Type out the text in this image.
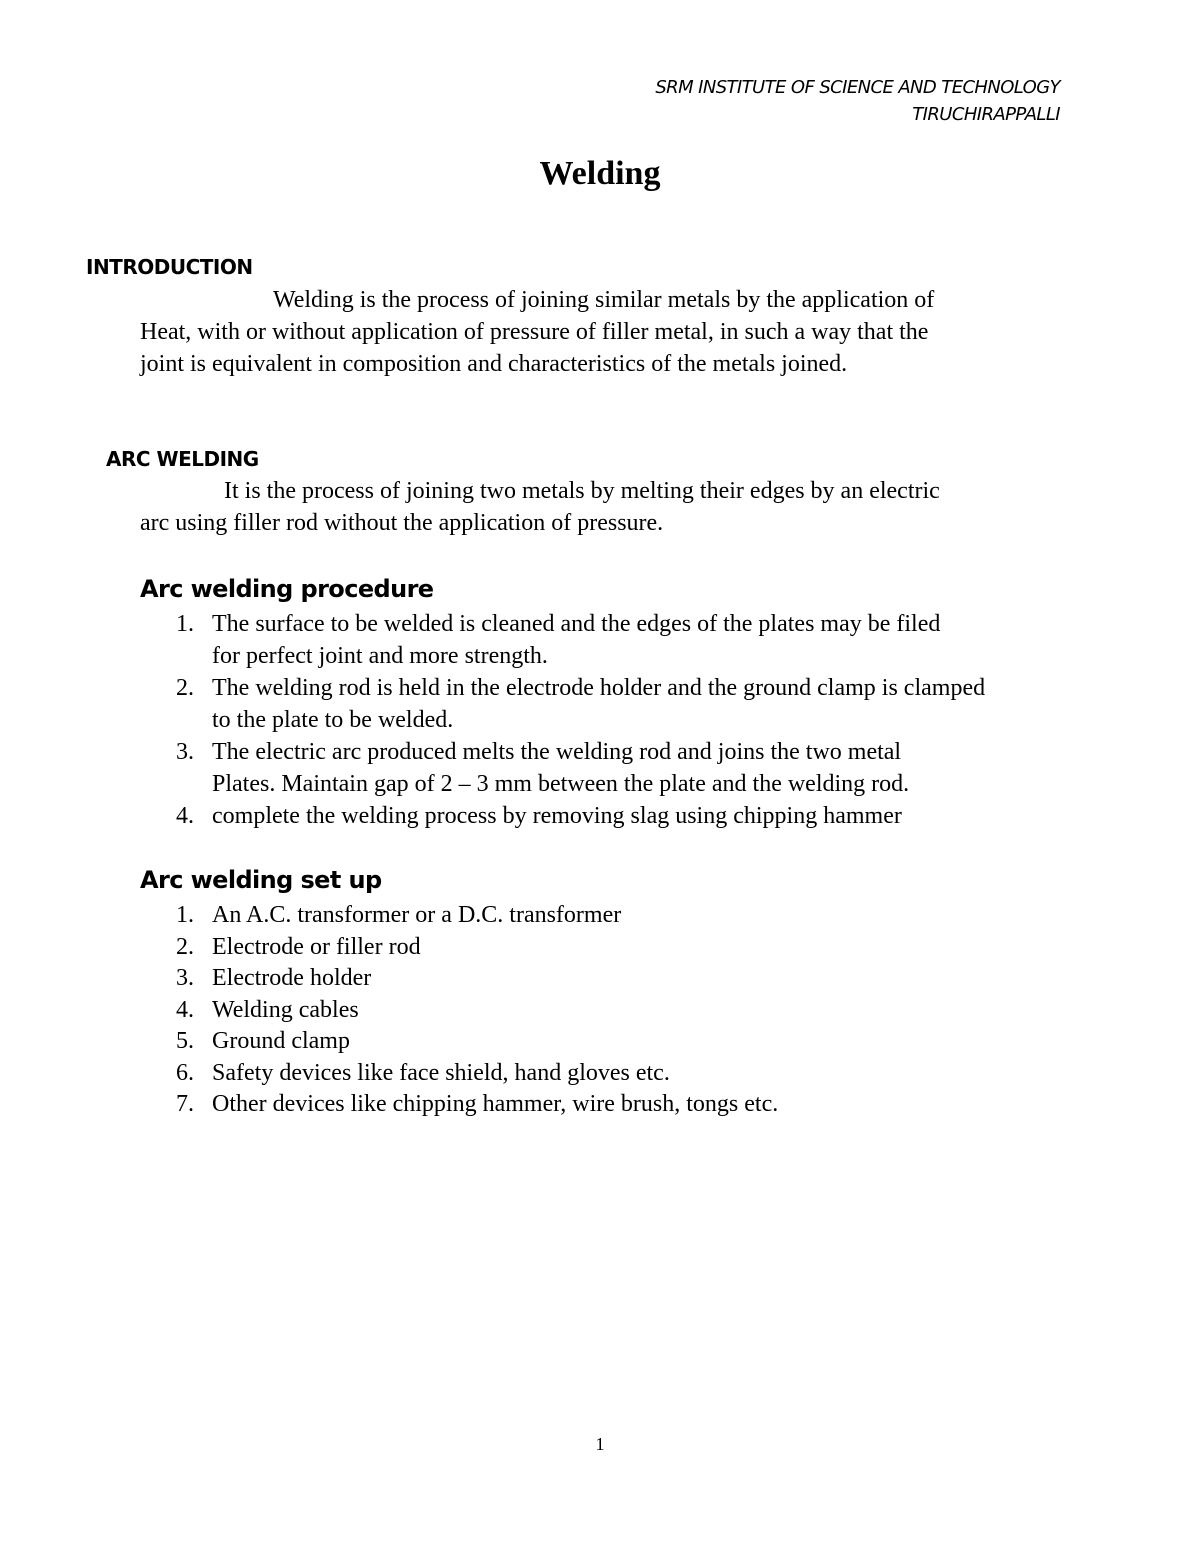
SRM INSTITUTE OF SCIENCE AND TECHNOLOGY
TIRUCHIRAPPALLI
Welding
INTRODUCTION
Welding is the process of joining similar metals by the application of
Heat, with or without application of pressure of filler metal, in such a way that the
joint is equivalent in composition and characteristics of the metals joined.
ARC WELDING
It is the process of joining two metals by melting their edges by an electric
arc using filler rod without the application of pressure.
Arc welding procedure
1. The surface to be welded is cleaned and the edges of the plates may be filed
for perfect joint and more strength.
2. The welding rod is held in the electrode holder and the ground clamp is clamped
to the plate to be welded.
3. The electric arc produced melts the welding rod and joins the two metal
Plates. Maintain gap of 2 – 3 mm between the plate and the welding rod.
4. complete the welding process by removing slag using chipping hammer
Arc welding set up
1. An A.C. transformer or a D.C. transformer
2. Electrode or filler rod
3. Electrode holder
4. Welding cables
5. Ground clamp
6. Safety devices like face shield, hand gloves etc.
7. Other devices like chipping hammer, wire brush, tongs etc.
1
